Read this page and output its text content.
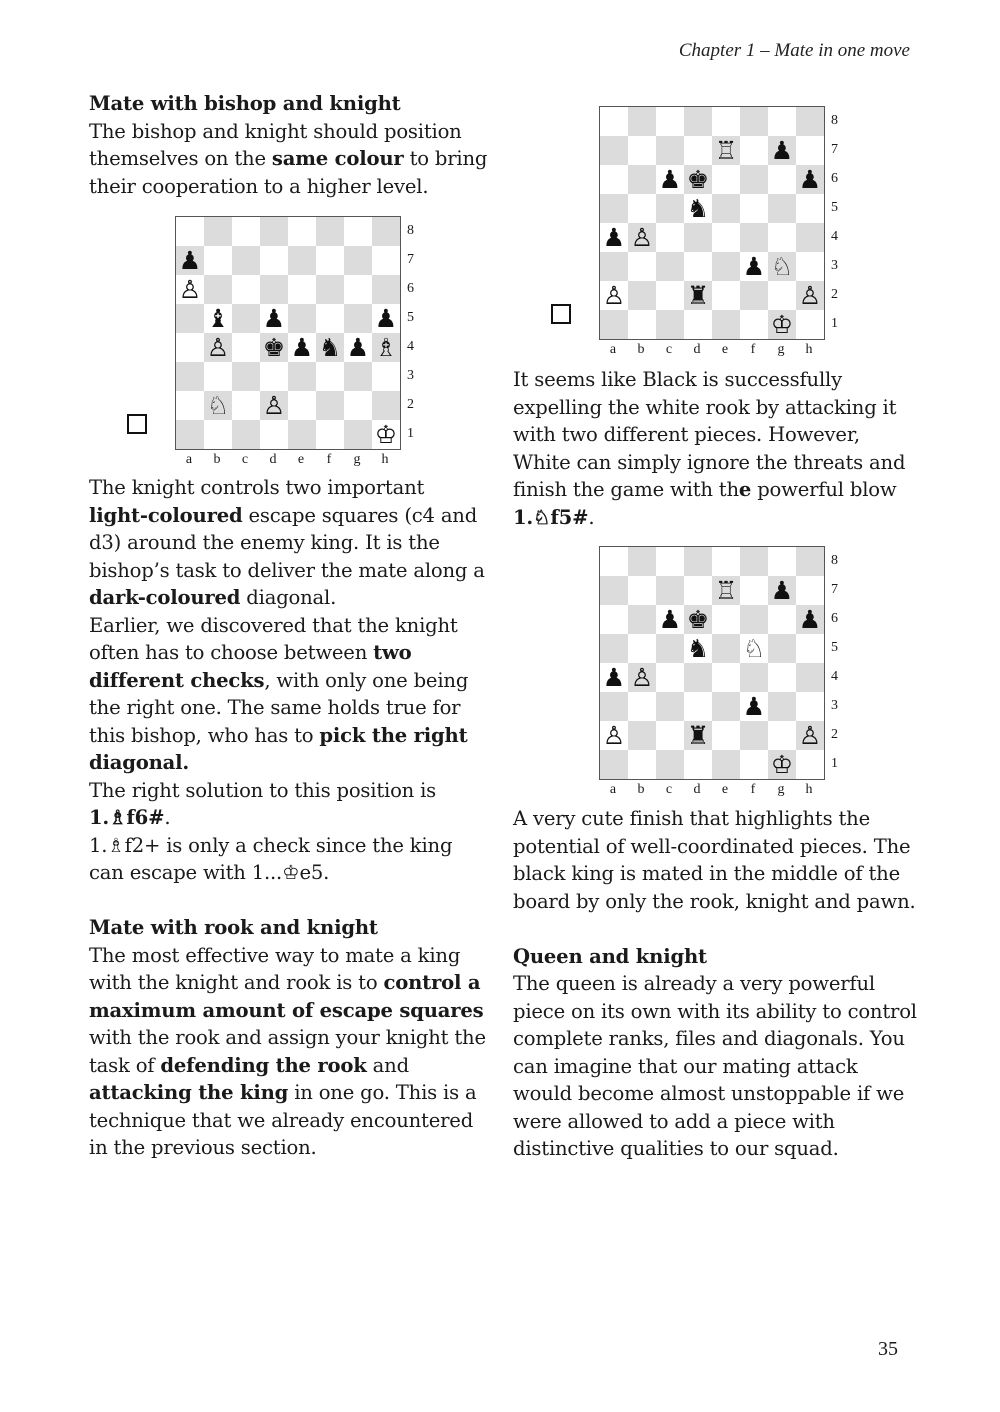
Chapter 1 – Mate in one move
Mate with bishop and knight

The bishop and knight should position themselves on the same colour to bring their cooperation to a higher level.

♟
♙
♝ ♟	♟
♙ ♚ ♟ ♞ ♟ ♗
♘ ♙
♔
8
7
6
5
4
3
2
1
a	b	c	d	e	f	g	h

The knight controls two important light-coloured escape squares (c4 and d3) around the enemy king. It is the bishop’s task to deliver the mate along a dark-coloured diagonal.

Earlier, we discovered that the knight often has to choose between two different checks, with only one being the right one. The same holds true for this bishop, who has to pick the right diagonal.

The right solution to this position is
1.♗f6#.

1.♗f2+ is only a check since the king can escape with 1...♔e5.

Mate with rook and knight

The most effective way to mate a king with the knight and rook is to control a maximum amount of escape squares with the rook and assign your knight the task of defending the rook and attacking the king in one go. This is a technique that we already encountered in the previous section.

♖ ♟
♟ ♚	♟
♞
♟ ♙
♟ ♘
♙ ♜	♙
♔
8
7
6
5
4
3
2
1
a	b	c	d	e	f	g	h

It seems like Black is successfully expelling the white rook by attacking it with two different pieces. However, White can simply ignore the threats and finish the game with the powerful blow
1.♘f5#.

♖ ♟
♟ ♚	♟
♞ ♘
♟ ♙
♟
♙ ♜	♙
♔
8
7
6
5
4
3
2
1
a	b	c	d	e	f	g	h

A very cute finish that highlights the potential of well-coordinated pieces. The black king is mated in the middle of the board by only the rook, knight and pawn.

Queen and knight

The queen is already a very powerful piece on its own with its ability to control complete ranks, files and diagonals. You can imagine that our mating attack would become almost unstoppable if we were allowed to add a piece with distinctive qualities to our squad.

35
